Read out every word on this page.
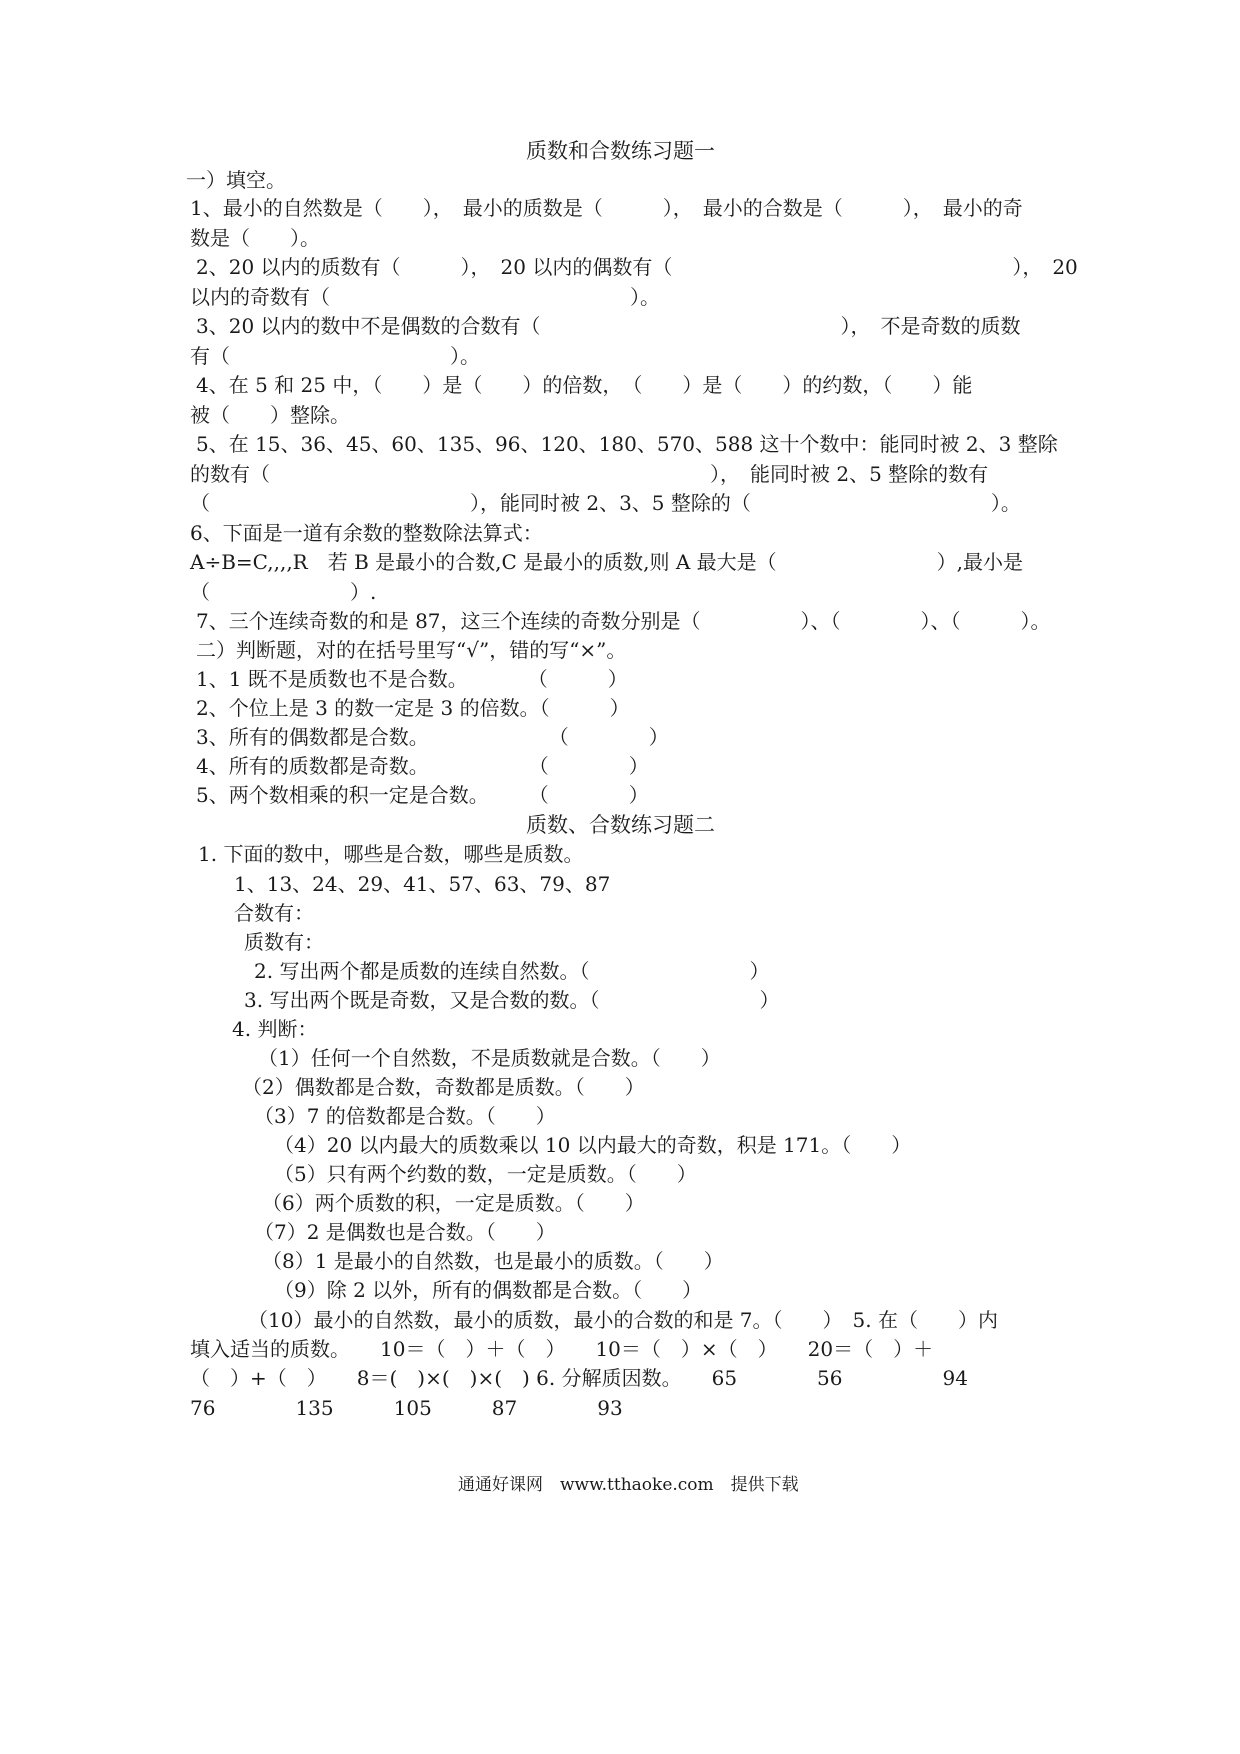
质数和合数练习题一
一）填空。
1、最小的自然数是（　　），　最小的质数是（　　　），　最小的合数是（　　　），　最小的奇
数是（　　）。
2、20 以内的质数有（　　　），　20 以内的偶数有（　　　　　　　　　　　　　　　　　），　20
以内的奇数有（　　　　　　　　　　　　　　　）。
3、20 以内的数中不是偶数的合数有（　　　　　　　　　　　　　　　），　不是奇数的质数
有（　　　　　　　　　　　）。
4、在 5 和 25 中，（　　）是（　　）的倍数，　（　　）是（　　）的约数，（　　）能
被（　　）整除。
5、在 15、36、45、60、135、96、120、180、570、588 这十个数中：能同时被 2、3 整除
的数有（　　　　　　　　　　　　　　　　　　　　　　），　能同时被 2、5 整除的数有
（　　　　　　　　　　　　　），能同时被 2、3、5 整除的（　　　　　　　　　　　　）。
6、下面是一道有余数的整数除法算式：
A÷B=C,,,,R　若 B 是最小的合数,C 是最小的质数,则 A 最大是（　　　　　　　　）,最小是
（　　　　　　　）.
7、三个连续奇数的和是 87，这三个连续的奇数分别是（　　　　　）、（　　　　）、（　　　）。
二）判断题，对的在括号里写“√”，错的写“×”。
1、1 既不是质数也不是合数。　　　　（　　　）
2、个位上是 3 的数一定是 3 的倍数。（　　　）
3、所有的偶数都是合数。　　　　　　　（　　　　）
4、所有的质数都是奇数。　　　　　　（　　　　）
5、两个数相乘的积一定是合数。　　　（　　　　）
质数、合数练习题二
1. 下面的数中，哪些是合数，哪些是质数。
1、13、24、29、41、57、63、79、87
合数有：
质数有：
2. 写出两个都是质数的连续自然数。（　　　　　　　　）
3. 写出两个既是奇数，又是合数的数。（　　　　　　　　）
4. 判断：
（1）任何一个自然数，不是质数就是合数。（　　）
（2）偶数都是合数，奇数都是质数。（　　）
（3）7 的倍数都是合数。（　　）
（4）20 以内最大的质数乘以 10 以内最大的奇数，积是 171。（　　）
（5）只有两个约数的数，一定是质数。（　　）
（6）两个质数的积，一定是质数。（　　）
（7）2 是偶数也是合数。（　　）
（8）1 是最小的自然数，也是最小的质数。（　　）
（9）除 2 以外，所有的偶数都是合数。（　　）
（10）最小的自然数，最小的质数，最小的合数的和是 7。（　　）　5. 在（　　）内
填入适当的质数。　　10＝（　）＋（　）　　10＝（　）×（　）　　20＝（　）＋
（　）+（　）　　8＝(　)×(　)×(　) 6. 分解质因数。　　65　　　　56　　　　　94
76　　　　135　　　105　　　87　　　　93
通通好课网　www.tthaoke.com　提供下载
